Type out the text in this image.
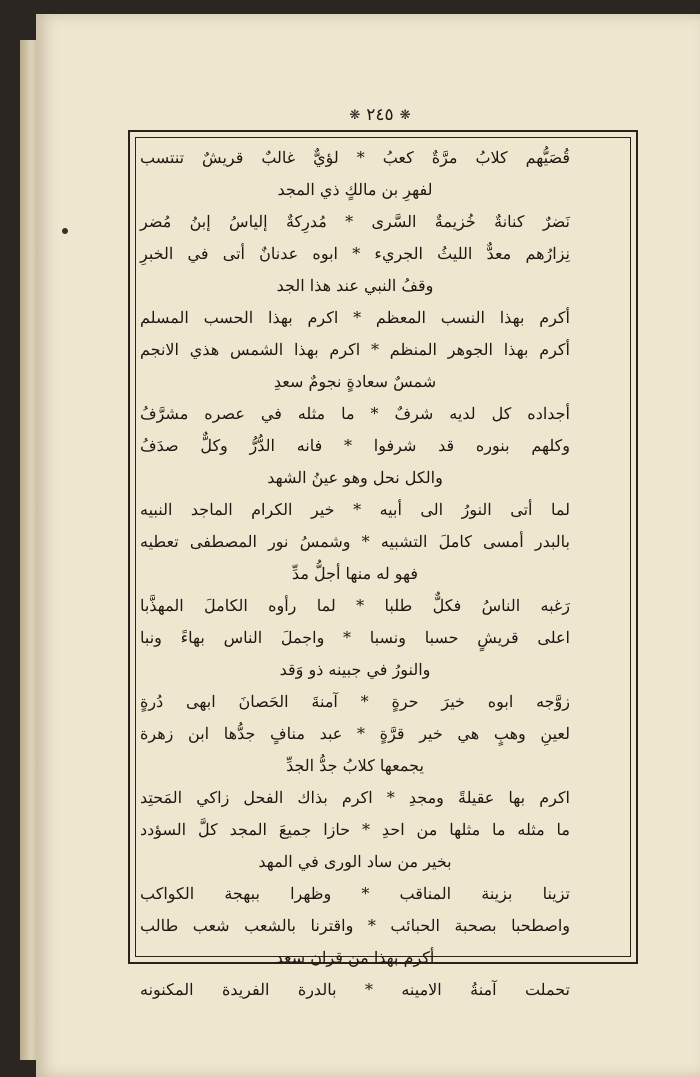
❋ ٢٤٥ ❋
قُصَيُّهم كلابُ مرَّةٌ كعبُ * لؤيٌّ غالبٌ قريشٌ تنتسب
لفهرِ بن مالكٍ ذي المجد
نَضرٌ كنانةٌ خُزيمةٌ السَّرى * مُدرِكةٌ إلياسُ إبنُ مُضر
نِزارُهم معدٌّ الليثُ الجريء * ابوه عدنانٌ أتى في الخبرِ
وقفُ النبي عند هذا الجد
أكرم بهذا النسب المعظم * اكرم بهذا الحسب المسلم
أكرم بهذا الجوهر المنظم * اكرم بهذا الشمس هذي الانجم
شمسٌ سعادةٍ نجومٌ سعدِ
أجداده كل لديه شرفٌ * ما مثله في عصره مشرَّفُ
وكلهم بنوره قد شرفوا * فانه الدُّرُّ وكلٌّ صدَفُ
والكل نحل وهو عينُ الشهد
لما أتى النورُ الى أبيه * خير الكرام الماجد النبيه
بالبدر أمسى كاملَ التشبيه * وشمسُ نور المصطفى تعطيه
فهو له منها أجلُّ مدِّ
رَغبه الناسُ فكلٌّ طلبا * لما رأوه الكاملَ المهذَّبا
اعلى قريشٍ حسبا ونسبا * واجملَ الناس بهاءً ونبا
والنورُ في جبينه ذو وَقد
زوَّجه ابوه خيرَ حرةٍ * آمنةَ الحَصانَ ابهى دُرةٍ
لعينِ وهبٍ هي خير قرَّةٍ * عبد منافٍ جدُّها ابن زهرة
يجمعها كلابُ جدُّ الجدِّ
اكرم بها عقيلةً ومجدِ * اكرم بذاك الفحل زاكي المَحتِد
ما مثله ما مثلها من احدِ * حازا جميعَ المجد كلَّ السؤدد
بخير من ساد الورى في المهد
تزينا بزينة المناقب * وظهرا ببهجة الكواكب
واصطحبا بصحبة الحبائب * واقترنا بالشعب شعب طالب
أكرم بهذا من قران سعد
تحملت آمنةُ الامينه * بالدرة الفريدة المكنونه
